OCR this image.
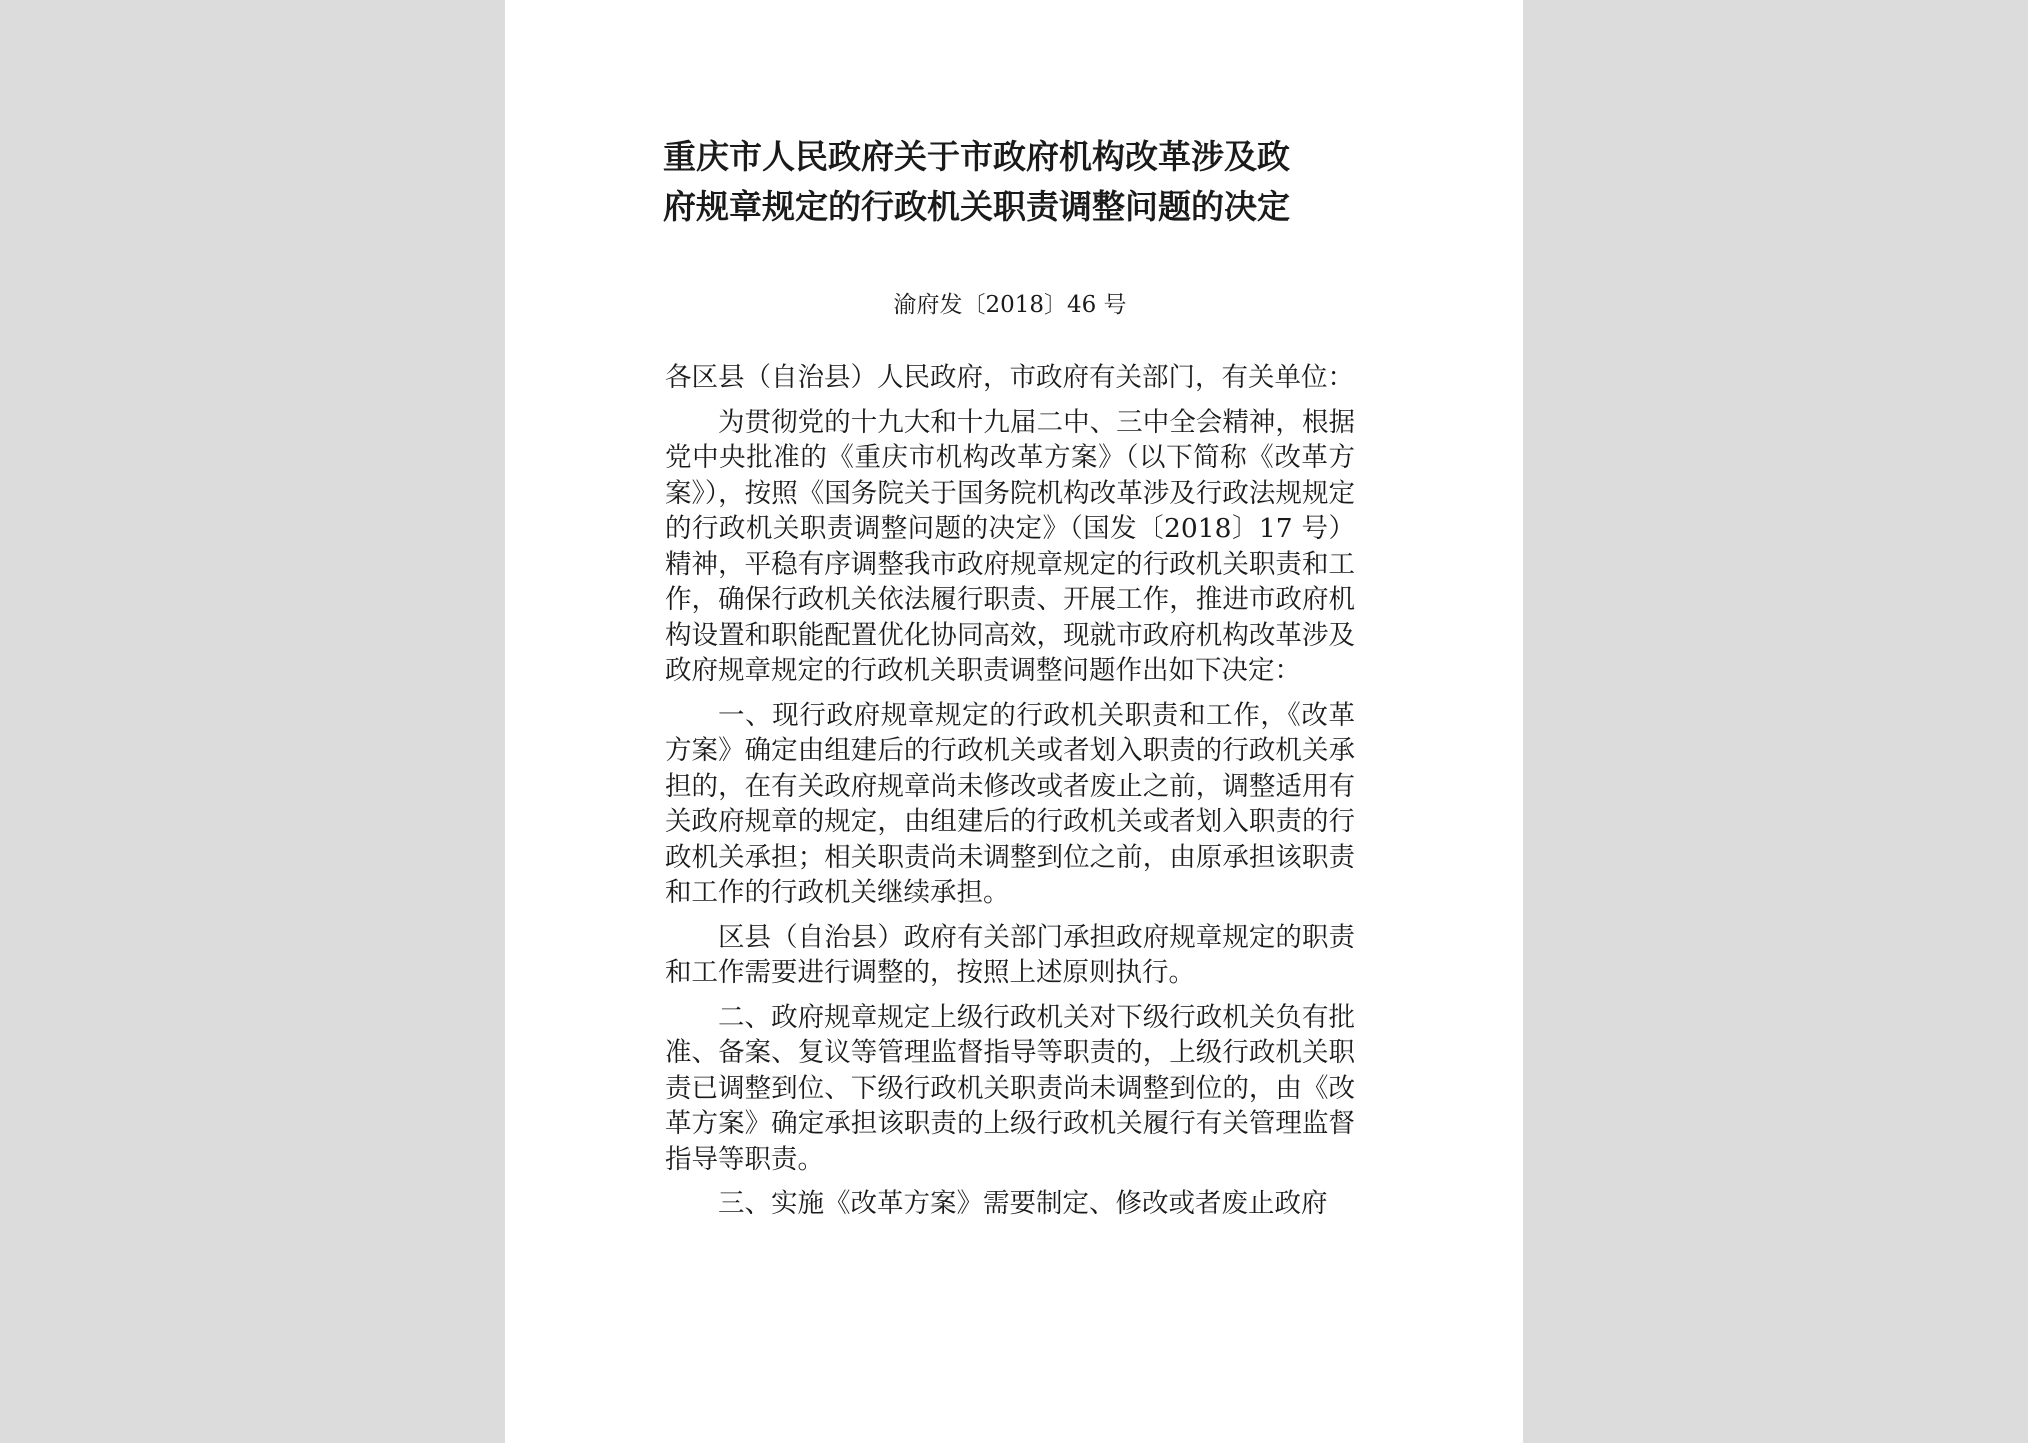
重庆市人民政府关于市政府机构改革涉及政
府规章规定的行政机关职责调整问题的决定
渝府发〔2018〕46 号

各区县（自治县）人民政府，市政府有关部门，有关单位：

为贯彻党的十九大和十九届二中、三中全会精神，根据党中央批准的《重庆市机构改革方案》（以下简称《改革方案》），按照《国务院关于国务院机构改革涉及行政法规规定的行政机关职责调整问题的决定》（国发〔2018〕17 号）精神，平稳有序调整我市政府规章规定的行政机关职责和工作，确保行政机关依法履行职责、开展工作，推进市政府机构设置和职能配置优化协同高效，现就市政府机构改革涉及政府规章规定的行政机关职责调整问题作出如下决定：

一、现行政府规章规定的行政机关职责和工作，《改革方案》确定由组建后的行政机关或者划入职责的行政机关承担的，在有关政府规章尚未修改或者废止之前，调整适用有关政府规章的规定，由组建后的行政机关或者划入职责的行政机关承担；相关职责尚未调整到位之前，由原承担该职责和工作的行政机关继续承担。

区县（自治县）政府有关部门承担政府规章规定的职责和工作需要进行调整的，按照上述原则执行。

二、政府规章规定上级行政机关对下级行政机关负有批准、备案、复议等管理监督指导等职责的，上级行政机关职责已调整到位、下级行政机关职责尚未调整到位的，由《改革方案》确定承担该职责的上级行政机关履行有关管理监督指导等职责。

三、实施《改革方案》需要制定、修改或者废止政府
